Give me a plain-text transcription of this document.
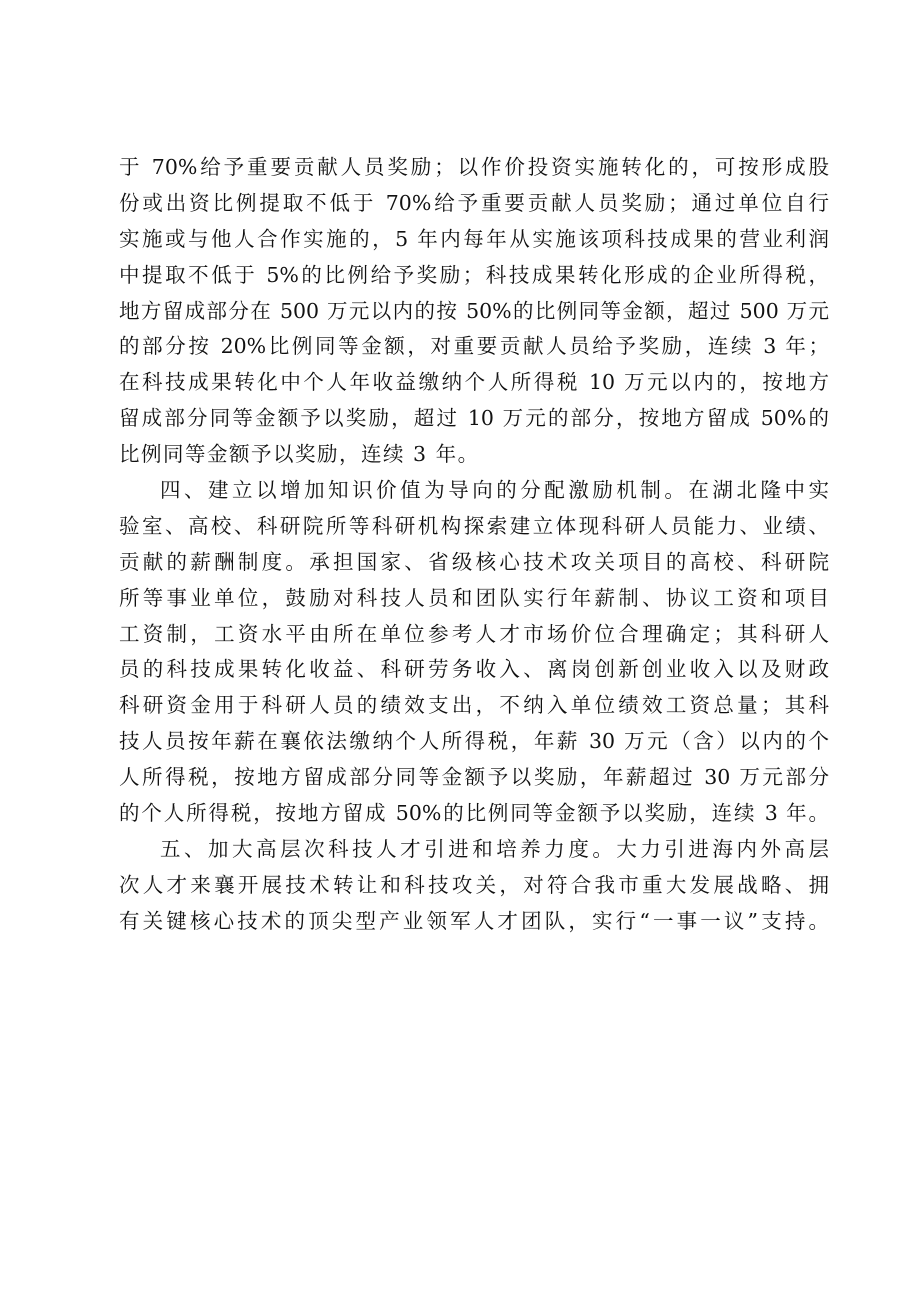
于 70%给予重要贡献人员奖励；以作价投资实施转化的，可按形成股
份或出资比例提取不低于 70%给予重要贡献人员奖励；通过单位自行
实施或与他人合作实施的，5 年内每年从实施该项科技成果的营业利润
中提取不低于 5%的比例给予奖励；科技成果转化形成的企业所得税，
地方留成部分在 500 万元以内的按 50%的比例同等金额，超过 500 万元
的部分按 20%比例同等金额，对重要贡献人员给予奖励，连续 3 年；
在科技成果转化中个人年收益缴纳个人所得税 10 万元以内的，按地方
留成部分同等金额予以奖励，超过 10 万元的部分，按地方留成 50%的
比例同等金额予以奖励，连续 3 年。
四、建立以增加知识价值为导向的分配激励机制。在湖北隆中实
验室、高校、科研院所等科研机构探索建立体现科研人员能力、业绩、
贡献的薪酬制度。承担国家、省级核心技术攻关项目的高校、科研院
所等事业单位，鼓励对科技人员和团队实行年薪制、协议工资和项目
工资制，工资水平由所在单位参考人才市场价位合理确定；其科研人
员的科技成果转化收益、科研劳务收入、离岗创新创业收入以及财政
科研资金用于科研人员的绩效支出，不纳入单位绩效工资总量；其科
技人员按年薪在襄依法缴纳个人所得税，年薪 30 万元（含）以内的个
人所得税，按地方留成部分同等金额予以奖励，年薪超过 30 万元部分
的个人所得税，按地方留成 50%的比例同等金额予以奖励，连续 3 年。
五、加大高层次科技人才引进和培养力度。大力引进海内外高层
次人才来襄开展技术转让和科技攻关，对符合我市重大发展战略、拥
有关键核心技术的顶尖型产业领军人才团队，实行“一事一议”支持。
